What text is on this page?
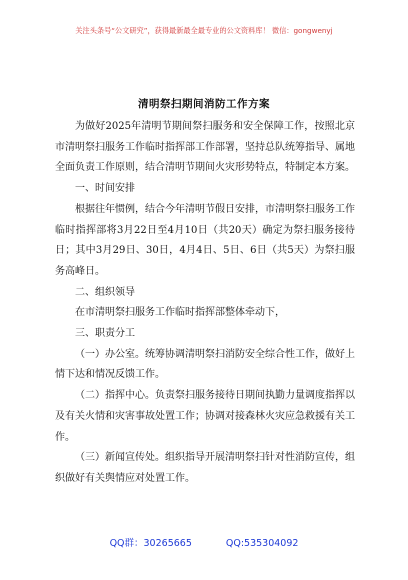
关注头条号“公文研究”，获得最新最全最专业的公文资料库！ 微信：gongwenyj
清明祭扫期间消防工作方案

为做好2025年清明节期间祭扫服务和安全保障工作，按照北京市清明祭扫服务工作临时指挥部工作部署，坚持总队统筹指导、属地全面负责工作原则，结合清明节期间火灾形势特点，特制定本方案。

一、时间安排

根据往年惯例，结合今年清明节假日安排，市清明祭扫服务工作临时指挥部将3月22日至4月10日（共20天）确定为祭扫服务接待日；其中3月29日、30日，4月4日、5日、6日（共5天）为祭扫服务高峰日。

二、组织领导

在市清明祭扫服务工作临时指挥部整体牵动下，

三、职责分工

（一）办公室。统筹协调清明祭扫消防安全综合性工作，做好上情下达和情况反馈工作。

（二）指挥中心。负责祭扫服务接待日期间执勤力量调度指挥以及有关火情和灾害事故处置工作；协调对接森林火灾应急救援有关工作。

（三）新闻宣传处。组织指导开展清明祭扫针对性消防宣传，组织做好有关舆情应对处置工作。

QQ群：30265665	QQ:535304092
